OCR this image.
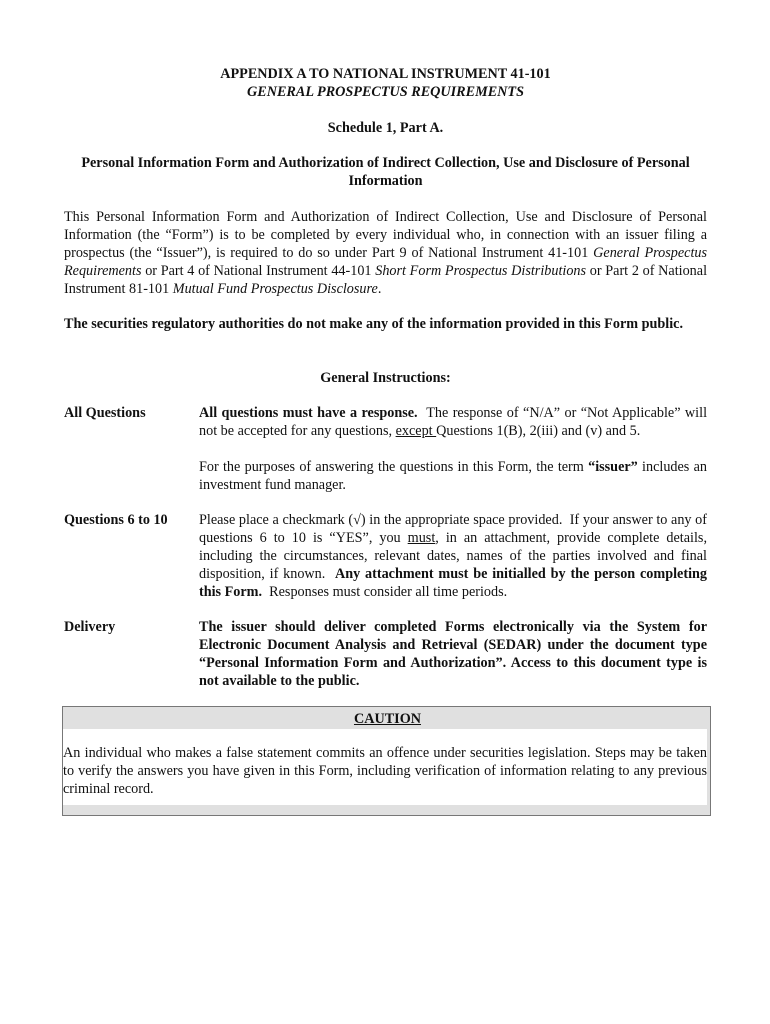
APPENDIX A TO NATIONAL INSTRUMENT 41-101
GENERAL PROSPECTUS REQUIREMENTS
Schedule 1, Part A.
Personal Information Form and Authorization of Indirect Collection, Use and Disclosure of Personal Information
This Personal Information Form and Authorization of Indirect Collection, Use and Disclosure of Personal Information (the “Form”) is to be completed by every individual who, in connection with an issuer filing a prospectus (the “Issuer”), is required to do so under Part 9 of National Instrument 41-101 General Prospectus Requirements or Part 4 of National Instrument 44-101 Short Form Prospectus Distributions or Part 2 of National Instrument 81-101 Mutual Fund Prospectus Disclosure.
The securities regulatory authorities do not make any of the information provided in this Form public.
General Instructions:
All Questions	All questions must have a response.  The response of “N/A” or “Not Applicable” will not be accepted for any questions, except Questions 1(B), 2(iii) and (v) and 5.
For the purposes of answering the questions in this Form, the term “issuer” includes an investment fund manager.
Questions 6 to 10 Please place a checkmark (√) in the appropriate space provided.  If your answer to any of questions 6 to 10 is “YES”, you must, in an attachment, provide complete details, including the circumstances, relevant dates, names of the parties involved and final disposition, if known.  Any attachment must be initialled by the person completing this Form.  Responses must consider all time periods.
Delivery	The issuer should deliver completed Forms electronically via the System for Electronic Document Analysis and Retrieval (SEDAR) under the document type “Personal Information Form and Authorization”. Access to this document type is not available to the public.
CAUTION
An individual who makes a false statement commits an offence under securities legislation. Steps may be taken to verify the answers you have given in this Form, including verification of information relating to any previous criminal record.
